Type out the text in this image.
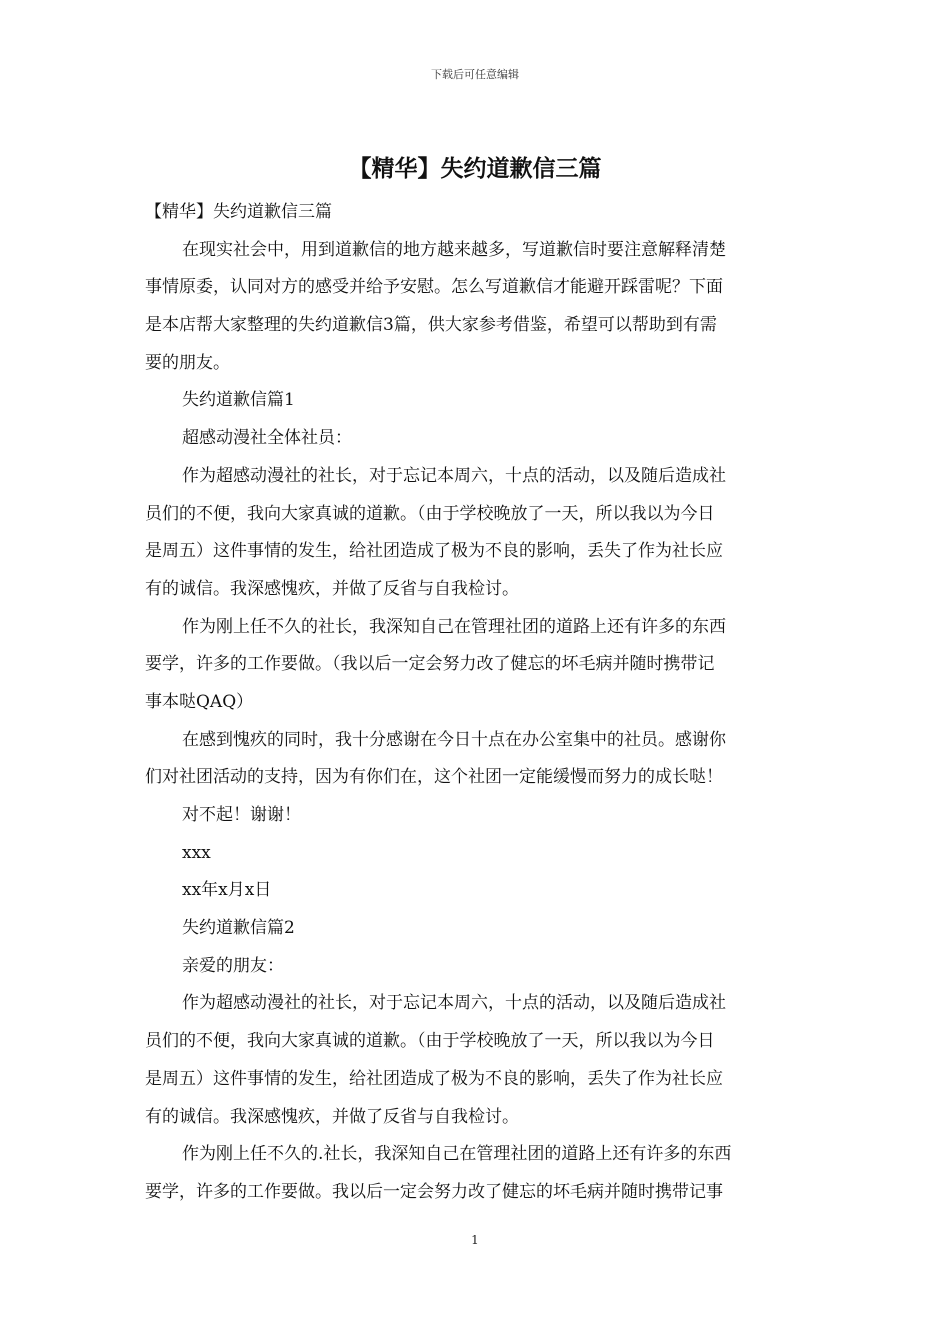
下载后可任意编辑
【精华】失约道歉信三篇
【精华】失约道歉信三篇
在现实社会中，用到道歉信的地方越来越多，写道歉信时要注意解释清楚
事情原委，认同对方的感受并给予安慰。怎么写道歉信才能避开踩雷呢？下面
是本店帮大家整理的失约道歉信3篇，供大家参考借鉴，希望可以帮助到有需
要的朋友。
失约道歉信篇1
超感动漫社全体社员：
作为超感动漫社的社长，对于忘记本周六，十点的活动，以及随后造成社
员们的不便，我向大家真诚的道歉。（由于学校晚放了一天，所以我以为今日
是周五）这件事情的发生，给社团造成了极为不良的影响，丢失了作为社长应
有的诚信。我深感愧疚，并做了反省与自我检讨。
作为刚上任不久的社长，我深知自己在管理社团的道路上还有许多的东西
要学，许多的工作要做。（我以后一定会努力改了健忘的坏毛病并随时携带记
事本哒QAQ）
在感到愧疚的同时，我十分感谢在今日十点在办公室集中的社员。感谢你
们对社团活动的支持，因为有你们在，这个社团一定能缓慢而努力的成长哒！
对不起！谢谢！
xxx
xx年x月x日
失约道歉信篇2
亲爱的朋友：
作为超感动漫社的社长，对于忘记本周六，十点的活动，以及随后造成社
员们的不便，我向大家真诚的道歉。（由于学校晚放了一天，所以我以为今日
是周五）这件事情的发生，给社团造成了极为不良的影响，丢失了作为社长应
有的诚信。我深感愧疚，并做了反省与自我检讨。
作为刚上任不久的.社长，我深知自己在管理社团的道路上还有许多的东西
要学，许多的工作要做。我以后一定会努力改了健忘的坏毛病并随时携带记事
1
